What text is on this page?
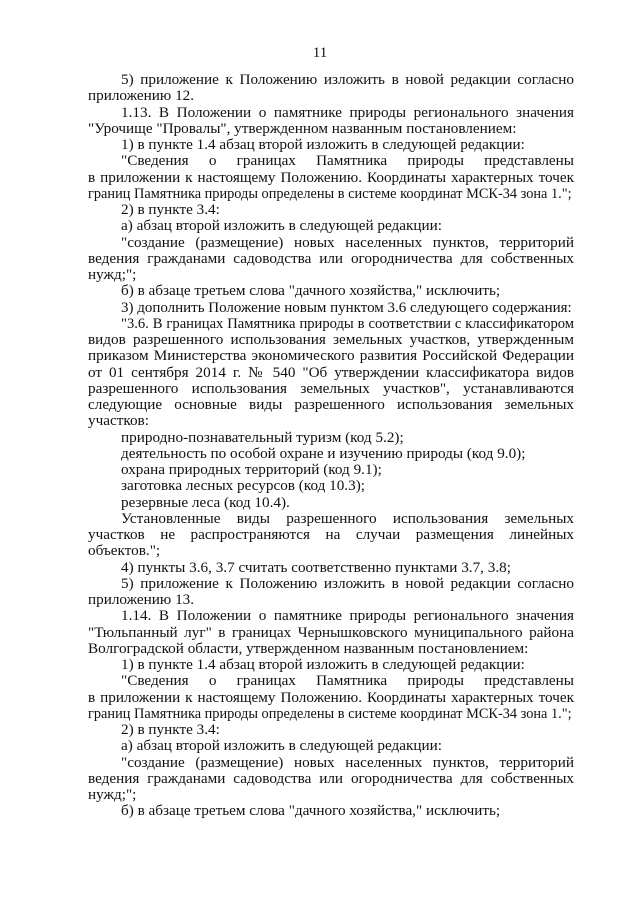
11

5) приложение к Положению изложить в новой редакции согласно
приложению 12.

1.13. В Положении о памятнике природы регионального значения
"Урочище "Провалы", утвержденном названным постановлением:

1) в пункте 1.4 абзац второй изложить в следующей редакции:

"Сведения о границах Памятника природы представлены
в приложении к настоящему Положению. Координаты характерных точек
границ Памятника природы определены в системе координат МСК-34 зона 1.";

2) в пункте 3.4:

а) абзац второй изложить в следующей редакции:

"создание (размещение) новых населенных пунктов, территорий
ведения гражданами садоводства или огородничества для собственных
нужд;";

б) в абзаце третьем слова "дачного хозяйства," исключить;

3) дополнить Положение новым пунктом 3.6 следующего содержания:

"3.6. В границах Памятника природы в соответствии с классификатором
видов разрешенного использования земельных участков, утвержденным
приказом Министерства экономического развития Российской Федерации
от 01 сентября 2014 г. № 540 "Об утверждении классификатора видов
разрешенного использования земельных участков", устанавливаются
следующие основные виды разрешенного использования земельных
участков:

природно-познавательный туризм (код 5.2);

деятельность по особой охране и изучению природы (код 9.0);

охрана природных территорий (код 9.1);

заготовка лесных ресурсов (код 10.3);

резервные леса (код 10.4).

Установленные виды разрешенного использования земельных
участков не распространяются на случаи размещения линейных
объектов.";

4) пункты 3.6, 3.7 считать соответственно пунктами 3.7, 3.8;

5) приложение к Положению изложить в новой редакции согласно
приложению 13.

1.14. В Положении о памятнике природы регионального значения
"Тюльпанный луг" в границах Чернышковского муниципального района
Волгоградской области, утвержденном названным постановлением:

1) в пункте 1.4 абзац второй изложить в следующей редакции:

"Сведения о границах Памятника природы представлены
в приложении к настоящему Положению. Координаты характерных точек
границ Памятника природы определены в системе координат МСК-34 зона 1.";

2) в пункте 3.4:

а) абзац второй изложить в следующей редакции:

"создание (размещение) новых населенных пунктов, территорий
ведения гражданами садоводства или огородничества для собственных
нужд;";

б) в абзаце третьем слова "дачного хозяйства," исключить;
